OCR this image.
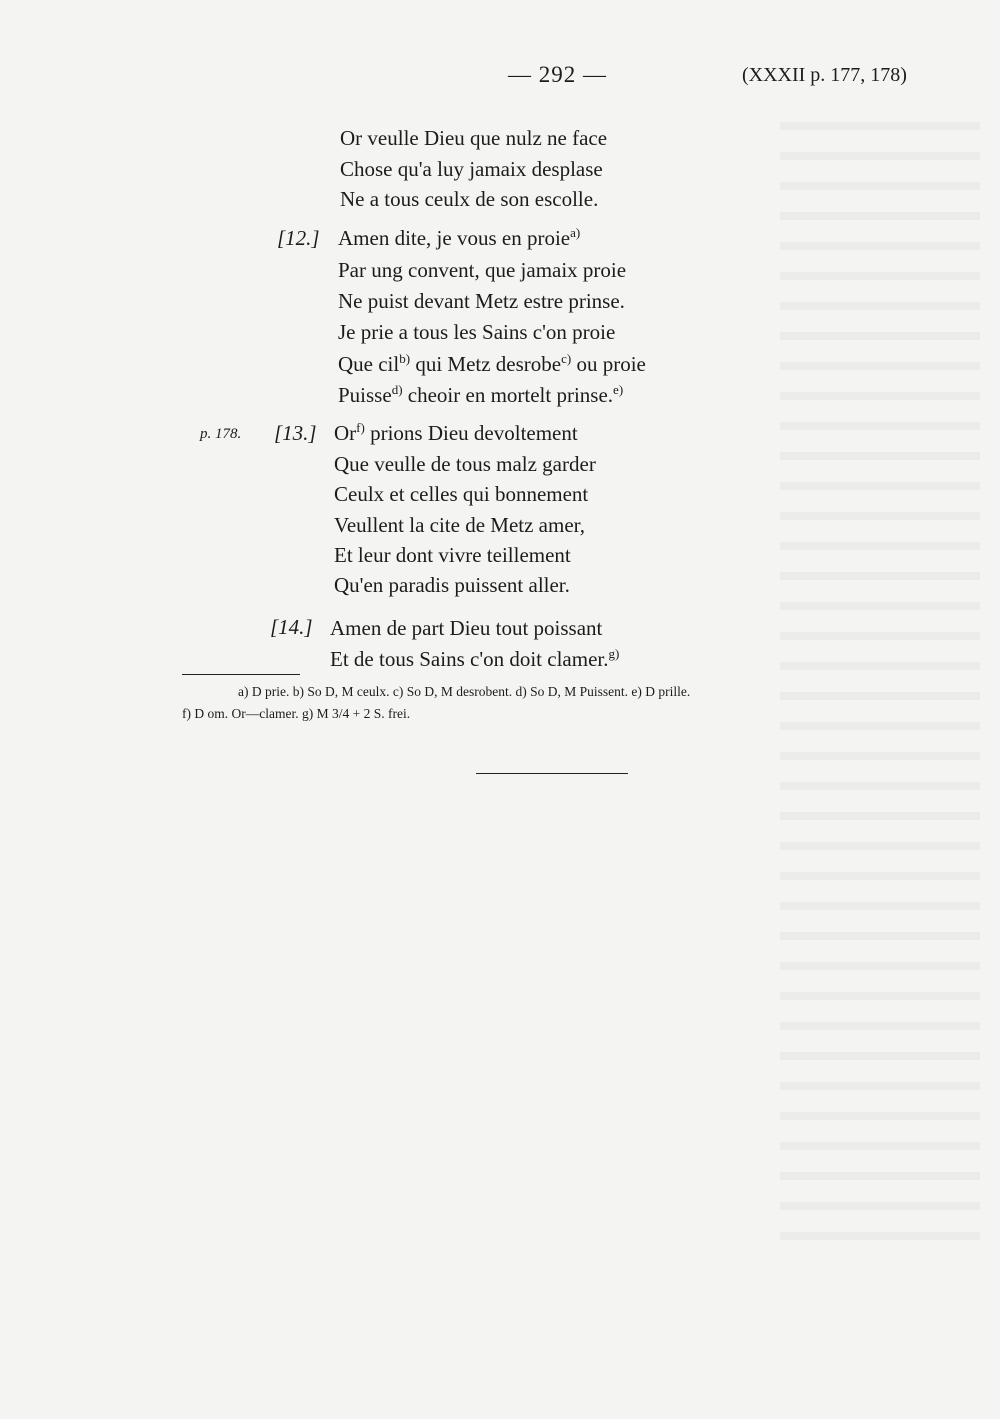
— 292 —	(XXXII p. 177, 178)
Or veulle Dieu que nulz ne face
Chose qu'a luy jamaix desplase
Ne a tous ceulx de son escolle.
[12.] Amen dite, je vous en proie$^{a)}$
Par ung convent, que jamaix proie
Ne puist devant Metz estre prinse.
Je prie a tous les Sains c'on proie
Que cil$^{b)}$ qui Metz desrobe$^{c)}$ ou proie
Puisse$^{d)}$ cheoir en mortelt prinse.$^{e)}$
p. 178. [13.] Or$^{f)}$ prions Dieu devoltement
Que veulle de tous malz garder
Ceulx et celles qui bonnement
Veullent la cite de Metz amer,
Et leur dont vivre teillement
Qu'en paradis puissent aller.
[14.] Amen de part Dieu tout poissant
Et de tous Sains c'on doit clamer.$^{g)}$
a) D prie. b) So D, M ceulx. c) So D, M desrobent. d) So D, M Puissent. e) D prille.
f) D om. Or—clamer. g) M 3/4 + 2 S. frei.
